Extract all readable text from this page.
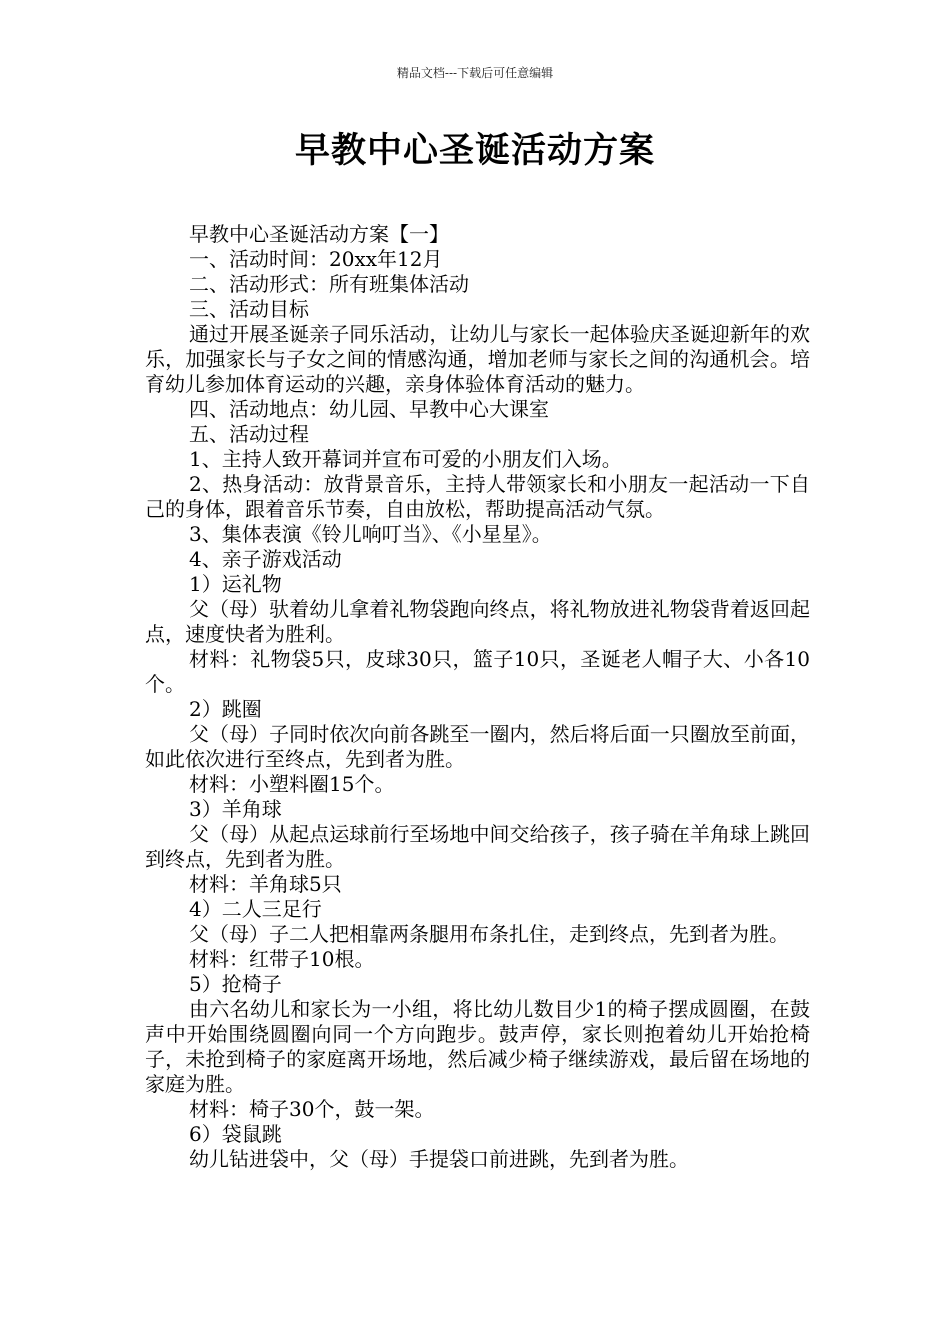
精品文档---下载后可任意编辑
早教中心圣诞活动方案

早教中心圣诞活动方案【一】

一、活动时间：20xx年12月

二、活动形式：所有班集体活动

三、活动目标

通过开展圣诞亲子同乐活动，让幼儿与家长一起体验庆圣诞迎新年的欢乐，加强家长与子女之间的情感沟通，增加老师与家长之间的沟通机会。培育幼儿参加体育运动的兴趣，亲身体验体育活动的魅力。

四、活动地点：幼儿园、早教中心大课室

五、活动过程

1、主持人致开幕词并宣布可爱的小朋友们入场。

2、热身活动：放背景音乐，主持人带领家长和小朋友一起活动一下自己的身体，跟着音乐节奏，自由放松，帮助提高活动气氛。

3、集体表演《铃儿响叮当》、《小星星》。

4、亲子游戏活动

1）运礼物

父（母）驮着幼儿拿着礼物袋跑向终点，将礼物放进礼物袋背着返回起点，速度快者为胜利。

材料：礼物袋5只，皮球30只，篮子10只，圣诞老人帽子大、小各10个。

2）跳圈

父（母）子同时依次向前各跳至一圈内，然后将后面一只圈放至前面，如此依次进行至终点，先到者为胜。

材料：小塑料圈15个。

3）羊角球

父（母）从起点运球前行至场地中间交给孩子，孩子骑在羊角球上跳回到终点，先到者为胜。

材料：羊角球5只

4）二人三足行

父（母）子二人把相靠两条腿用布条扎住，走到终点，先到者为胜。

材料：红带子10根。

5）抢椅子

由六名幼儿和家长为一小组，将比幼儿数目少1的椅子摆成圆圈，在鼓声中开始围绕圆圈向同一个方向跑步。鼓声停，家长则抱着幼儿开始抢椅子，未抢到椅子的家庭离开场地，然后减少椅子继续游戏，最后留在场地的家庭为胜。

材料：椅子30个，鼓一架。

6）袋鼠跳

幼儿钻进袋中，父（母）手提袋口前进跳，先到者为胜。
